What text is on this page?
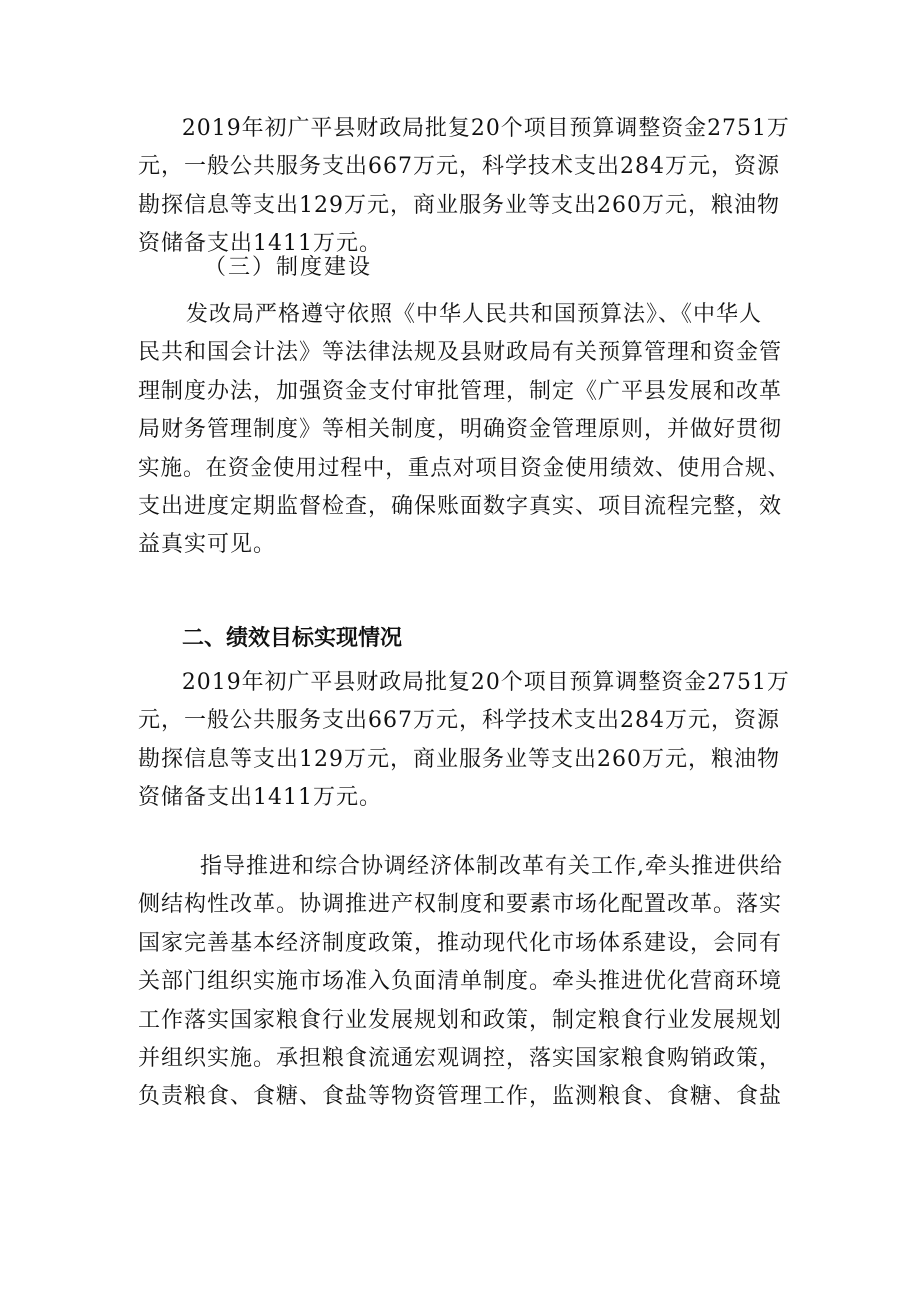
2019年初广平县财政局批复20个项目预算调整资金2751万
元，一般公共服务支出667万元，科学技术支出284万元，资源
勘探信息等支出129万元，商业服务业等支出260万元，粮油物
资储备支出1411万元。
（三）制度建设
发改局严格遵守依照《中华人民共和国预算法》、《中华人
民共和国会计法》等法律法规及县财政局有关预算管理和资金管
理制度办法，加强资金支付审批管理，制定《广平县发展和改革
局财务管理制度》等相关制度，明确资金管理原则，并做好贯彻
实施。在资金使用过程中，重点对项目资金使用绩效、使用合规、
支出进度定期监督检查，确保账面数字真实、项目流程完整，效
益真实可见。
二、绩效目标实现情况
2019年初广平县财政局批复20个项目预算调整资金2751万
元，一般公共服务支出667万元，科学技术支出284万元，资源
勘探信息等支出129万元，商业服务业等支出260万元，粮油物
资储备支出1411万元。
指导推进和综合协调经济体制改革有关工作,牵头推进供给
侧结构性改革。协调推进产权制度和要素市场化配置改革。落实
国家完善基本经济制度政策，推动现代化市场体系建设，会同有
关部门组织实施市场准入负面清单制度。牵头推进优化营商环境
工作落实国家粮食行业发展规划和政策，制定粮食行业发展规划
并组织实施。承担粮食流通宏观调控，落实国家粮食购销政策，
负责粮食、食糖、食盐等物资管理工作，监测粮食、食糖、食盐
